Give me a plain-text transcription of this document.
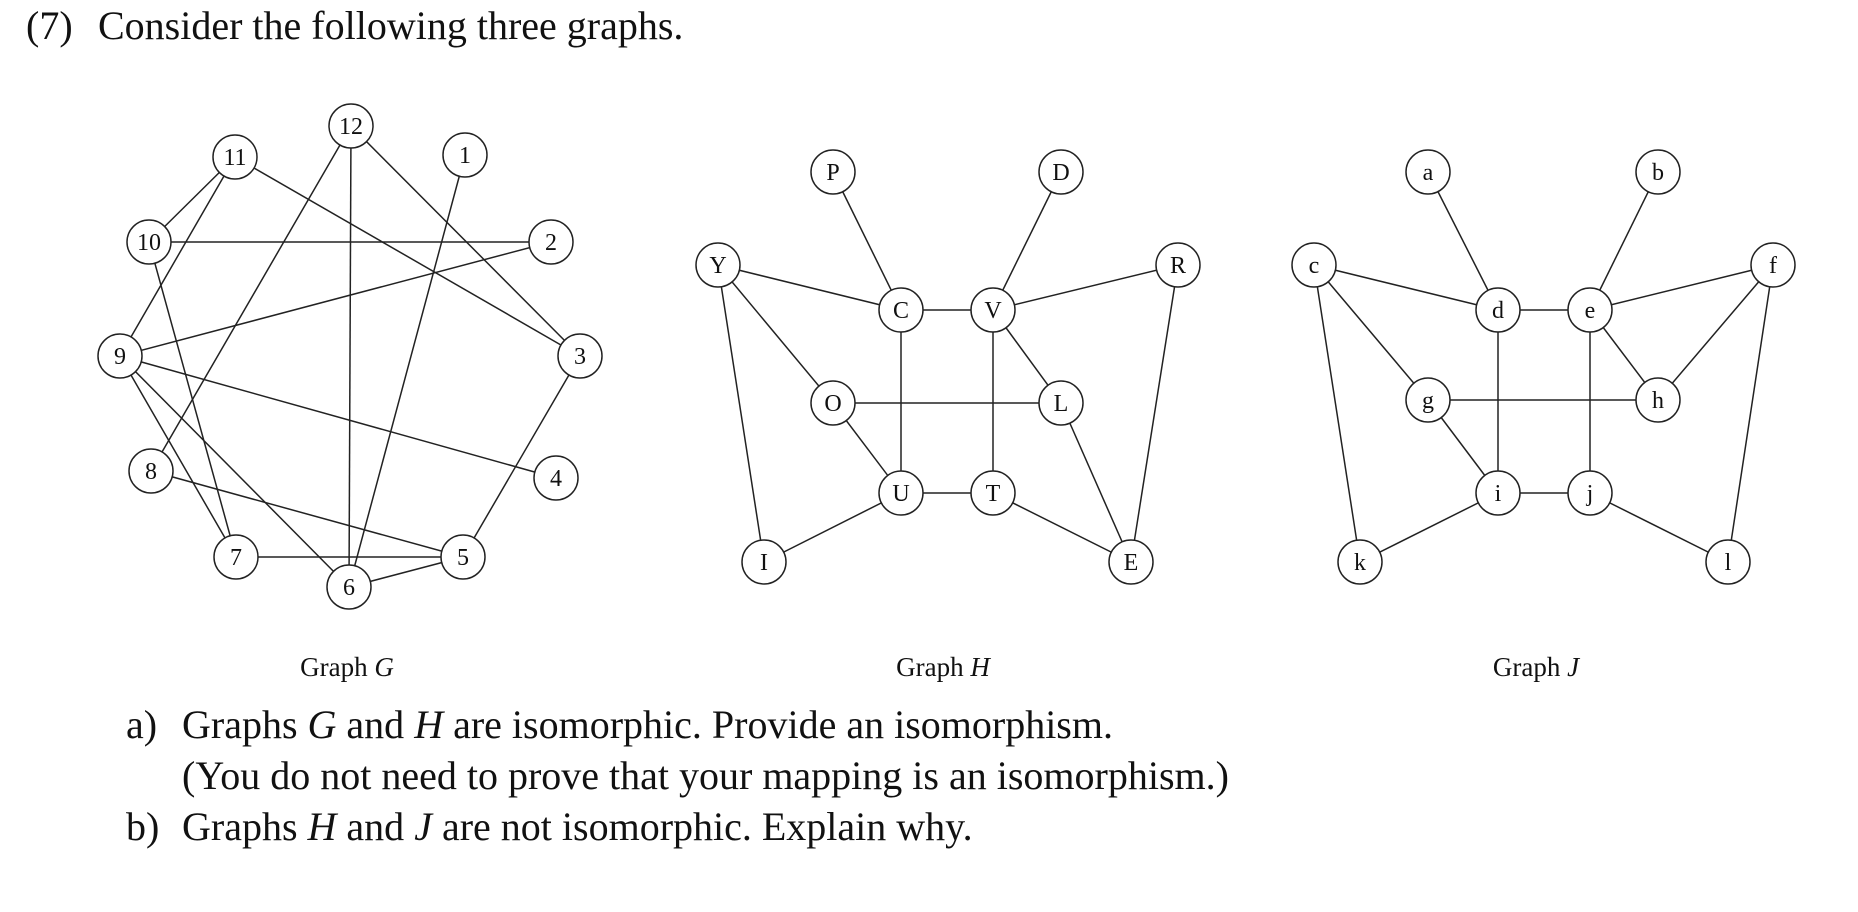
(7) Consider the following three graphs.
1
2
3
4
5
6
7
8
9
10
11
12
P	D
Y	R
C	V
O	L
U	T
I	E
a	b
c	f
d	e
g	h
i	j
k	l
Graph G	Graph H	Graph J
a) Graphs G and H are isomorphic. Provide an isomorphism.
(You do not need to prove that your mapping is an isomorphism.)
b) Graphs H and J are not isomorphic. Explain why.
